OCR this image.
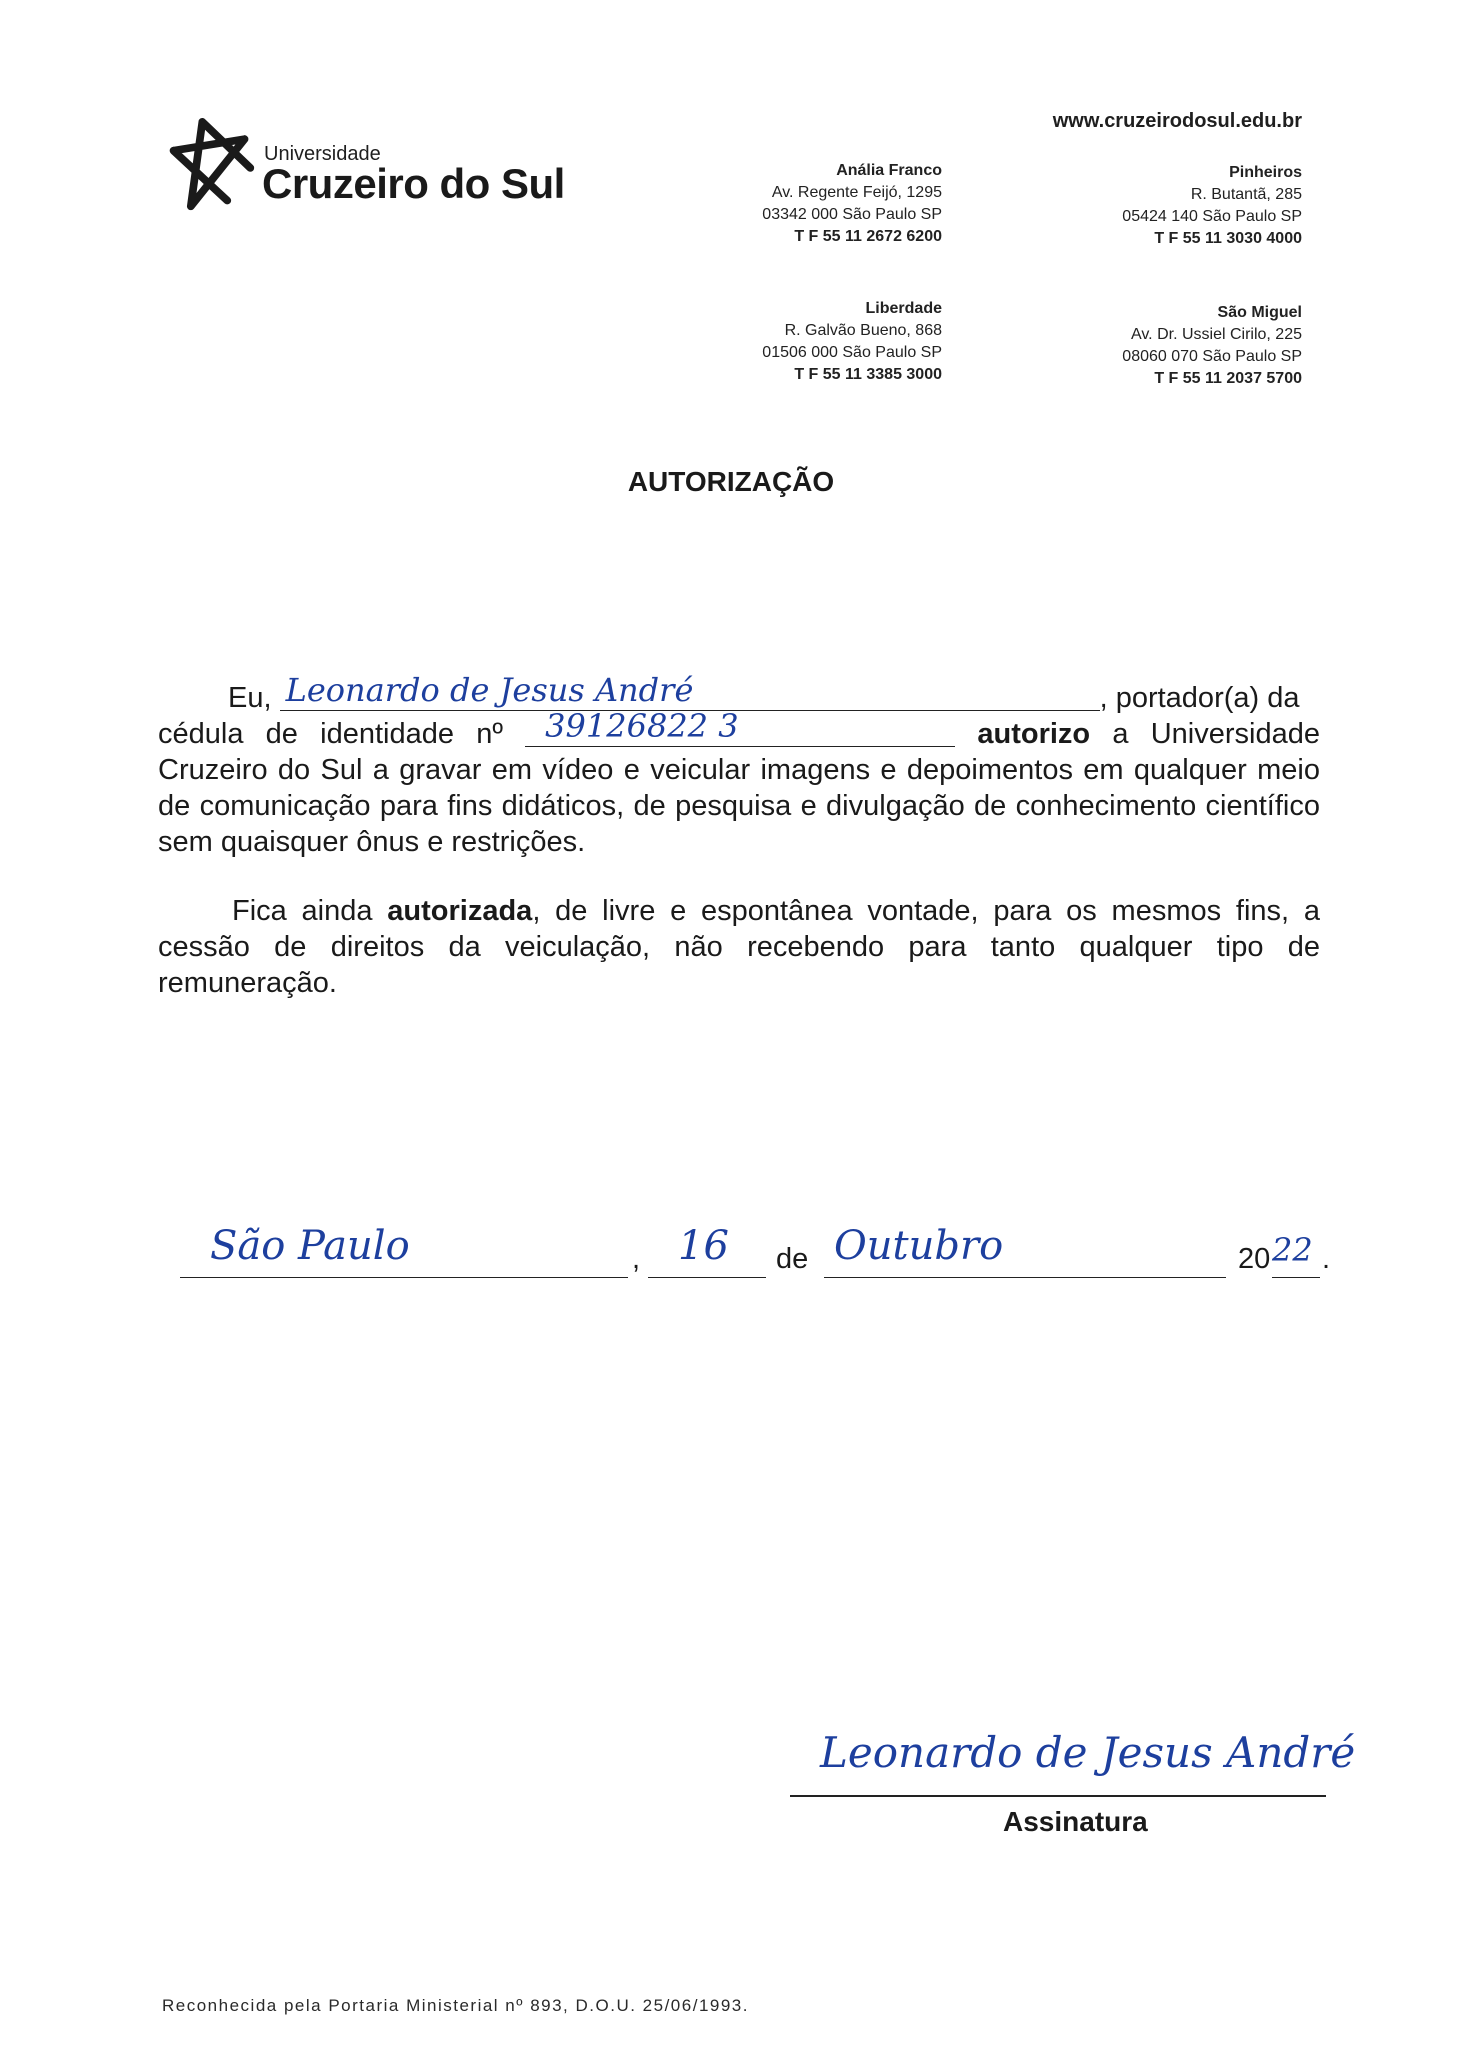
Universidade
Cruzeiro do Sul
www.cruzeirodosul.edu.br
Anália Franco
Av. Regente Feijó, 1295
03342 000 São Paulo SP
T F 55 11 2672 6200
Pinheiros
R. Butantã, 285
05424 140 São Paulo SP
T F 55 11 3030 4000
Liberdade
R. Galvão Bueno, 868
01506 000 São Paulo SP
T F 55 11 3385 3000
São Miguel
Av. Dr. Ussiel Cirilo, 225
08060 070 São Paulo SP
T F 55 11 2037 5700
AUTORIZAÇÃO
Eu, Leonardo de Jesus André	, portador(a) da
cédula de identidade nº 39126822 3	autorizo a Universidade Cruzeiro do Sul a gravar em vídeo e veicular imagens e depoimentos em qualquer meio de comunicação para fins didáticos, de pesquisa e divulgação de conhecimento científico sem quaisquer ônus e restrições.
Fica ainda autorizada, de livre e espontânea vontade, para os mesmos fins, a cessão de direitos da veiculação, não recebendo para tanto qualquer tipo de remuneração.
São Paulo	, 16 de Outubro	20 22 .
Leonardo de Jesus André
Assinatura
Reconhecida pela Portaria Ministerial nº 893, D.O.U. 25/06/1993.
